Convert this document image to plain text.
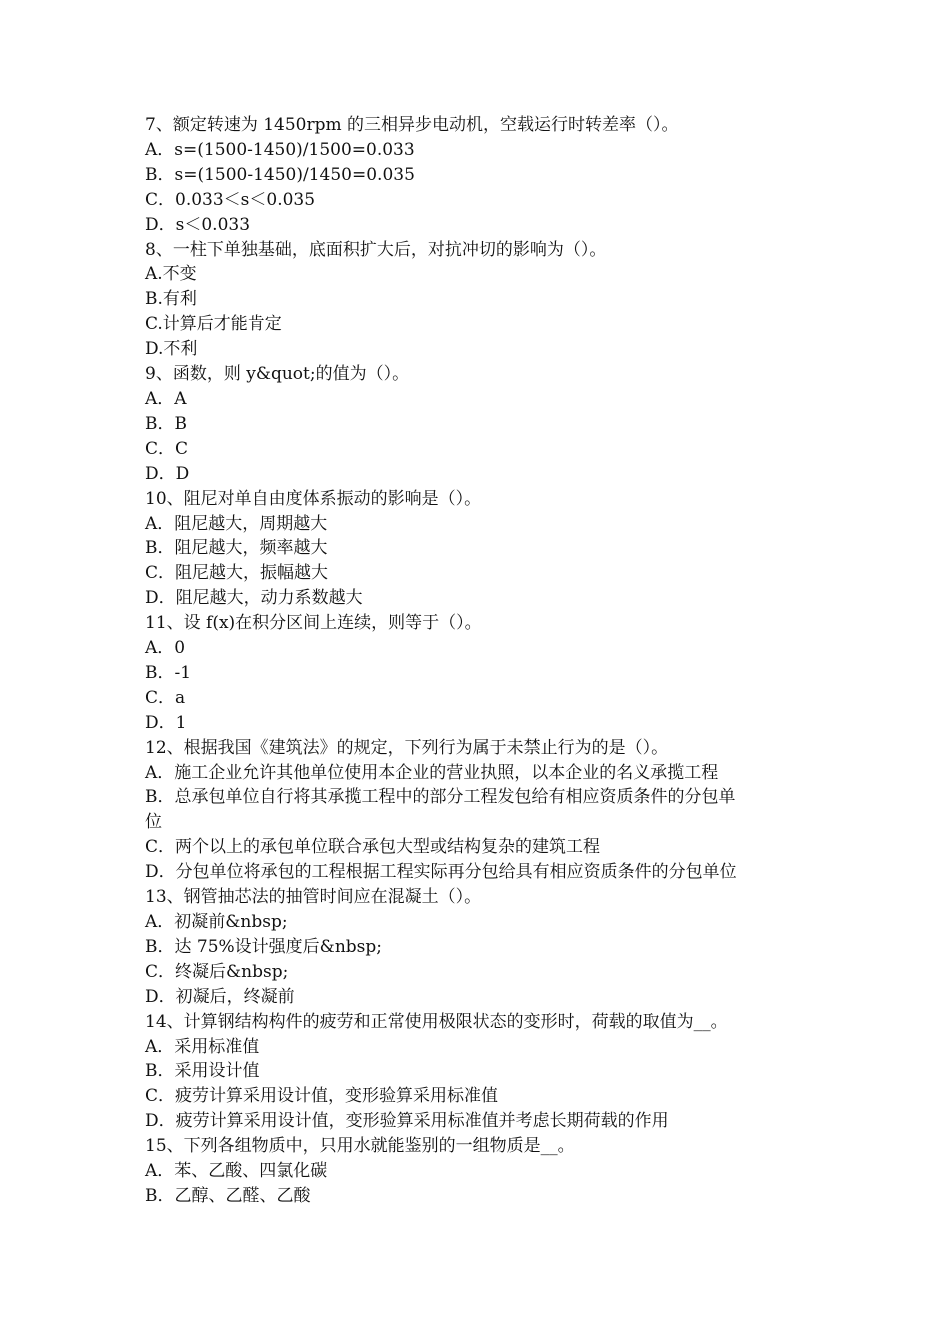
7、额定转速为 1450rpm 的三相异步电动机，空载运行时转差率（）。
A．s=(1500-1450)/1500=0.033
B．s=(1500-1450)/1450=0.035
C．0.033＜s＜0.035
D．s＜0.033
8、一柱下单独基础，底面积扩大后，对抗冲切的影响为（）。
A.不变
B.有利
C.计算后才能肯定
D.不利
9、函数，则 y&quot;的值为（）。
A．A
B．B
C．C
D．D
10、阻尼对单自由度体系振动的影响是（）。
A．阻尼越大，周期越大
B．阻尼越大，频率越大
C．阻尼越大，振幅越大
D．阻尼越大，动力系数越大
11、设 f(x)在积分区间上连续，则等于（）。
A．0
B．-1
C．a
D．1
12、根据我国《建筑法》的规定，下列行为属于未禁止行为的是（）。
A．施工企业允许其他单位使用本企业的营业执照，以本企业的名义承揽工程
B．总承包单位自行将其承揽工程中的部分工程发包给有相应资质条件的分包单
位
C．两个以上的承包单位联合承包大型或结构复杂的建筑工程
D．分包单位将承包的工程根据工程实际再分包给具有相应资质条件的分包单位
13、钢管抽芯法的抽管时间应在混凝土（）。
A．初凝前&nbsp;
B．达 75%设计强度后&nbsp;
C．终凝后&nbsp;
D．初凝后，终凝前
14、计算钢结构构件的疲劳和正常使用极限状态的变形时，荷载的取值为__。
A．采用标准值
B．采用设计值
C．疲劳计算采用设计值，变形验算采用标准值
D．疲劳计算采用设计值，变形验算采用标准值并考虑长期荷载的作用
15、下列各组物质中，只用水就能鉴别的一组物质是__。
A．苯、乙酸、四氯化碳
B．乙醇、乙醛、乙酸
